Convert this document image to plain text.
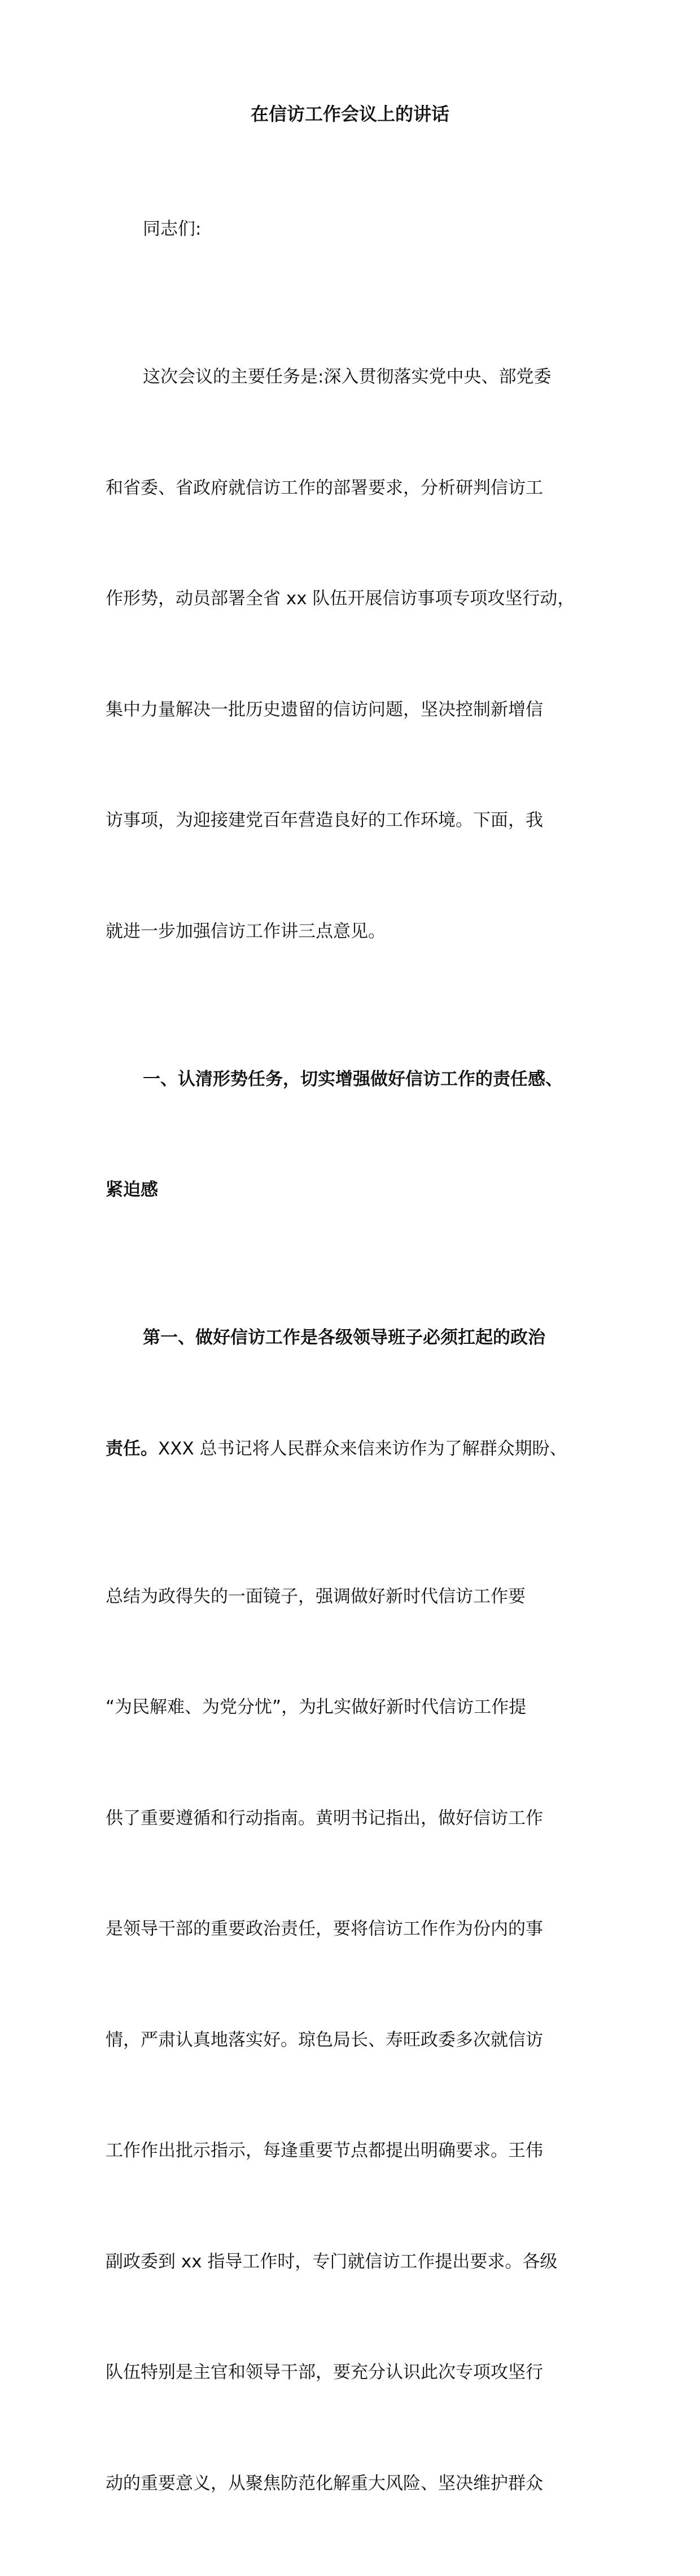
在信访工作会议上的讲话

同志们:

这次会议的主要任务是:深入贯彻落实党中央、部党委

和省委、省政府就信访工作的部署要求，分析研判信访工

作形势，动员部署全省 xx 队伍开展信访事项专项攻坚行动，

集中力量解决一批历史遗留的信访问题，坚决控制新增信

访事项，为迎接建党百年营造良好的工作环境。下面，我

就进一步加强信访工作讲三点意见。

一、认清形势任务，切实增强做好信访工作的责任感、

紧迫感

第一、做好信访工作是各级领导班子必须扛起的政治

责任。XXX 总书记将人民群众来信来访作为了解群众期盼、

总结为政得失的一面镜子，强调做好新时代信访工作要

“为民解难、为党分忧”，为扎实做好新时代信访工作提

供了重要遵循和行动指南。黄明书记指出，做好信访工作

是领导干部的重要政治责任，要将信访工作作为份内的事

情，严肃认真地落实好。琼色局长、寿旺政委多次就信访

工作作出批示指示，每逢重要节点都提出明确要求。王伟

副政委到 xx 指导工作时，专门就信访工作提出要求。各级

队伍特别是主官和领导干部，要充分认识此次专项攻坚行

动的重要意义，从聚焦防范化解重大风险、坚决维护群众
